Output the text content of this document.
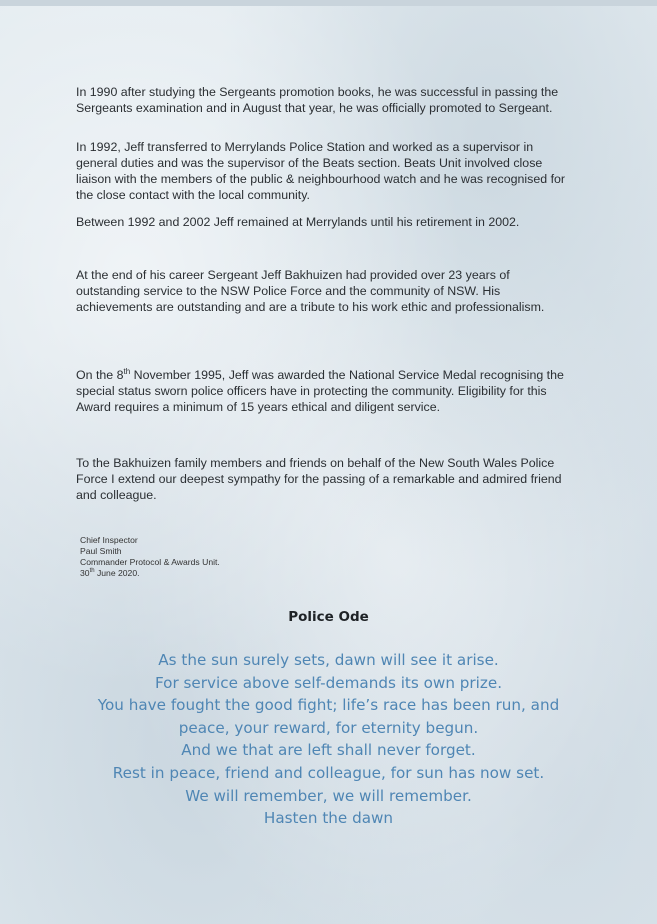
In 1990 after studying the Sergeants promotion books, he was successful in passing the Sergeants examination and in August that year, he was officially promoted to Sergeant.

In 1992, Jeff transferred to Merrylands Police Station and worked as a supervisor in general duties and was the supervisor of the Beats section. Beats Unit involved close liaison with the members of the public & neighbourhood watch and he was recognised for the close contact with the local community.

Between 1992 and 2002 Jeff remained at Merrylands until his retirement in 2002.

At the end of his career Sergeant Jeff Bakhuizen had provided over 23 years of outstanding service to the NSW Police Force and the community of NSW. His achievements are outstanding and are a tribute to his work ethic and professionalism.

On the 8th November 1995, Jeff was awarded the National Service Medal recognising the special status sworn police officers have in protecting the community. Eligibility for this Award requires a minimum of 15 years ethical and diligent service.

To the Bakhuizen family members and friends on behalf of the New South Wales Police Force I extend our deepest sympathy for the passing of a remarkable and admired friend and colleague.

Chief Inspector
Paul Smith
Commander Protocol & Awards Unit.
30th June 2020.
Police Ode
As the sun surely sets, dawn will see it arise.
For service above self-demands its own prize.
You have fought the good fight; life’s race has been run, and
peace, your reward, for eternity begun.
And we that are left shall never forget.
Rest in peace, friend and colleague, for sun has now set.
We will remember, we will remember.
Hasten the dawn
